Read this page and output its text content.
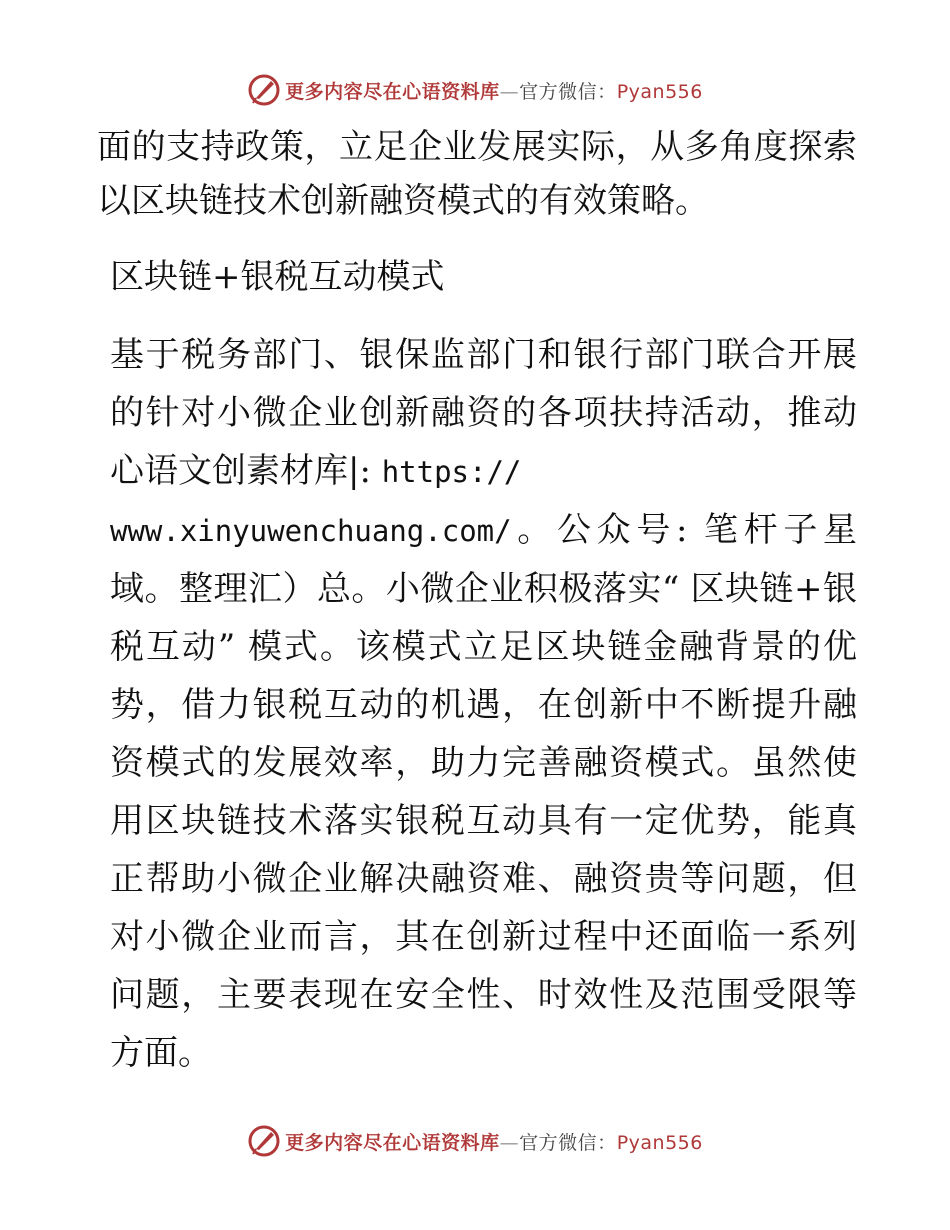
更多内容尽在心语资料库—官方微信：Pyan556

面的支持政策，立足企业发展实际，从多角度探索以区块链技术创新融资模式的有效策略。

区块链+银税互动模式

基于税务部门、银保监部门和银行部门联合开展的针对小微企业创新融资的各项扶持活动，推动心语文创素材库|: https://
www.xinyuwenchuang.com/。公众号: 笔杆子星域。整理汇）总。小微企业积极落实“ 区块链+银税互动” 模式。该模式立足区块链金融背景的优势，借力银税互动的机遇，在创新中不断提升融资模式的发展效率，助力完善融资模式。虽然使用区块链技术落实银税互动具有一定优势，能真正帮助小微企业解决融资难、融资贵等问题，但对小微企业而言，其在创新过程中还面临一系列问题，主要表现在安全性、时效性及范围受限等方面。

更多内容尽在心语资料库—官方微信：Pyan556
